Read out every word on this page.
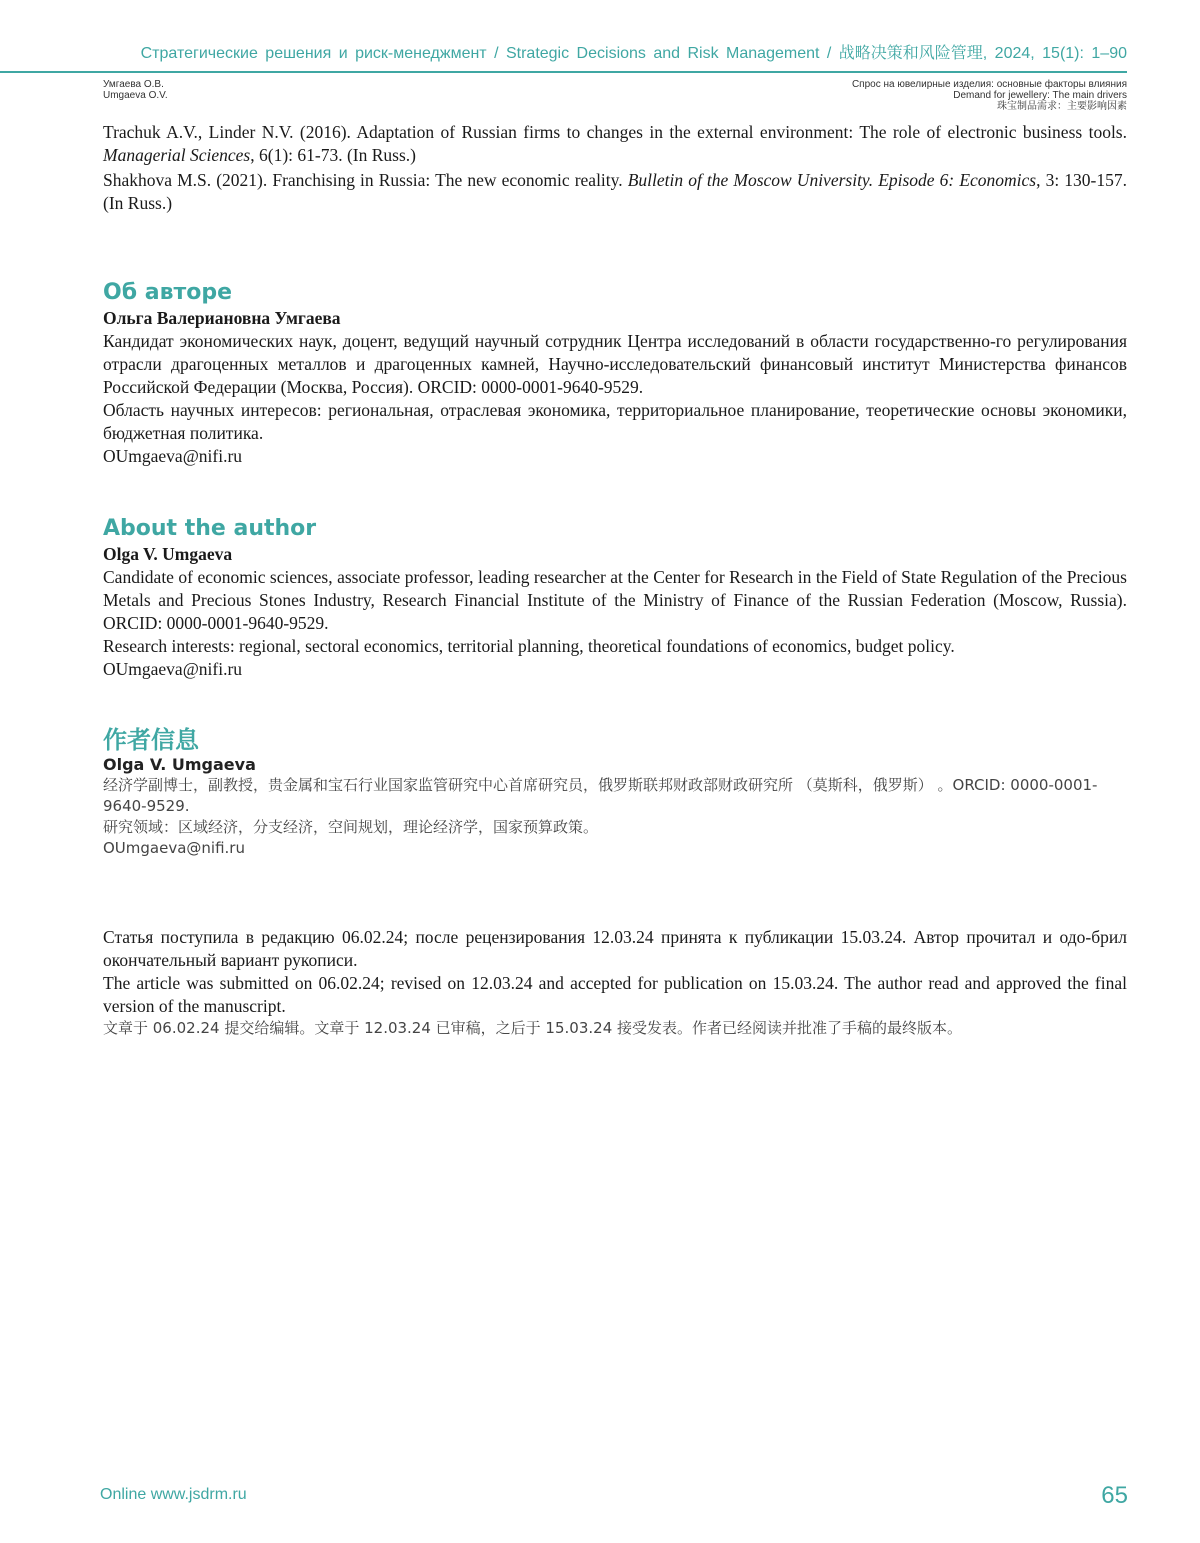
Стратегические решения и риск-менеджмент / Strategic Decisions and Risk Management / 战略决策和风险管理, 2024, 15(1): 1–90
Умгаева О.В.
Umgaeva O.V.
Спрос на ювелирные изделия: основные факторы влияния
Demand for jewellery: The main drivers
珠宝制品需求：主要影响因素

Trachuk A.V., Linder N.V. (2016). Adaptation of Russian firms to changes in the external environment: The role of electronic business tools. Managerial Sciences, 6(1): 61-73. (In Russ.)

Shakhova M.S. (2021). Franchising in Russia: The new economic reality. Bulletin of the Moscow University. Episode 6: Economics, 3: 130-157. (In Russ.)

Об авторе

Ольга Валериановна Умгаева

Кандидат экономических наук, доцент, ведущий научный сотрудник Центра исследований в области государственно-го регулирования отрасли драгоценных металлов и драгоценных камней, Научно-исследовательский финансовый институт Министерства финансов Российской Федерации (Москва, Россия). ORCID: 0000-0001-9640-9529.

Область научных интересов: региональная, отраслевая экономика, территориальное планирование, теоретические основы экономики, бюджетная политика.

OUmgaeva@nifi.ru

About the author

Olga V. Umgaeva

Candidate of economic sciences, associate professor, leading researcher at the Center for Research in the Field of State Regulation of the Precious Metals and Precious Stones Industry, Research Financial Institute of the Ministry of Finance of the Russian Federation (Moscow, Russia). ORCID: 0000-0001-9640-9529.

Research interests: regional, sectoral economics, territorial planning, theoretical foundations of economics, budget policy.

OUmgaeva@nifi.ru

作者信息

Olga V. Umgaeva

经济学副博士，副教授，贵金属和宝石行业国家监管研究中心首席研究员，俄罗斯联邦财政部财政研究所 （莫斯科，俄罗斯） 。ORCID: 0000-0001-9640-9529.

研究领域：区域经济，分支经济，空间规划，理论经济学，国家预算政策。

OUmgaeva@nifi.ru

Статья поступила в редакцию 06.02.24; после рецензирования 12.03.24 принята к публикации 15.03.24. Автор прочитал и одо-брил окончательный вариант рукописи.

The article was submitted on 06.02.24; revised on 12.03.24 and accepted for publication on 15.03.24. The author read and approved the final version of the manuscript.

文章于 06.02.24 提交给编辑。文章于 12.03.24 已审稿，之后于 15.03.24 接受发表。作者已经阅读并批准了手稿的最终版本。

Online www.jsdrm.ru	65
